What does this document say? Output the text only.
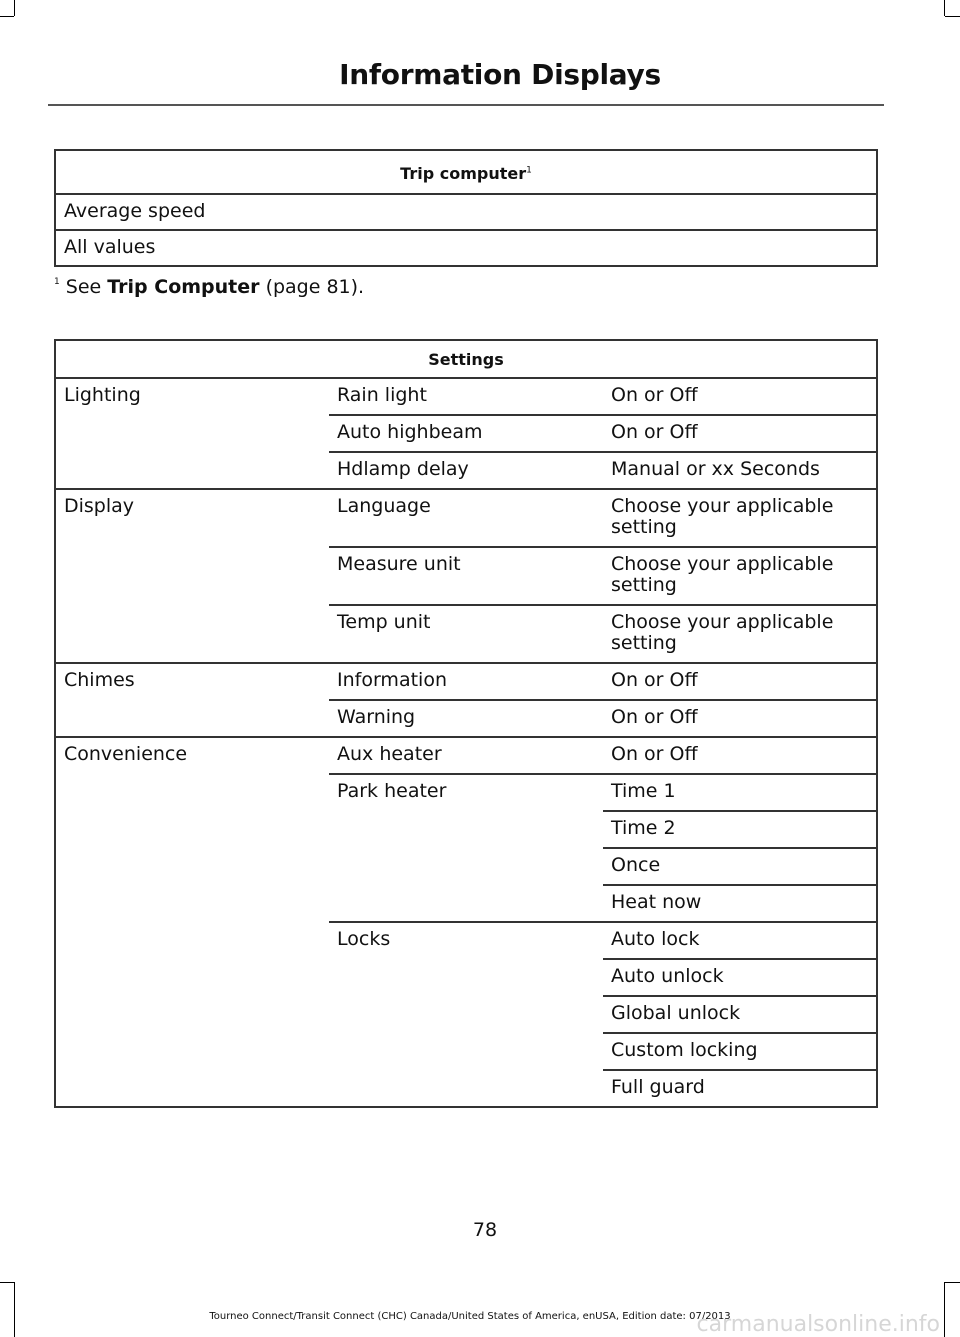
Information Displays
Trip computer$^1$
Average speed
All values
$^1$ See Trip Computer (page 81).
Settings		
Lighting	Rain light	On or Off
	Auto highbeam	On or Off
	Hdlamp delay	Manual or xx Seconds
Display	Language	Choose your applicable setting
	Measure unit	Choose your applicable setting
	Temp unit	Choose your applicable setting
Chimes	Information	On or Off
	Warning	On or Off
Convenience	Aux heater	On or Off
	Park heater	Time 1
		Time 2
		Once
		Heat now
	Locks	Auto lock
		Auto unlock
		Global unlock
		Custom locking
		Full guard
78
Tourneo Connect/Transit Connect (CHC) Canada/United States of America, enUSA, Edition date: 07/2013
carmanualsonline.info
